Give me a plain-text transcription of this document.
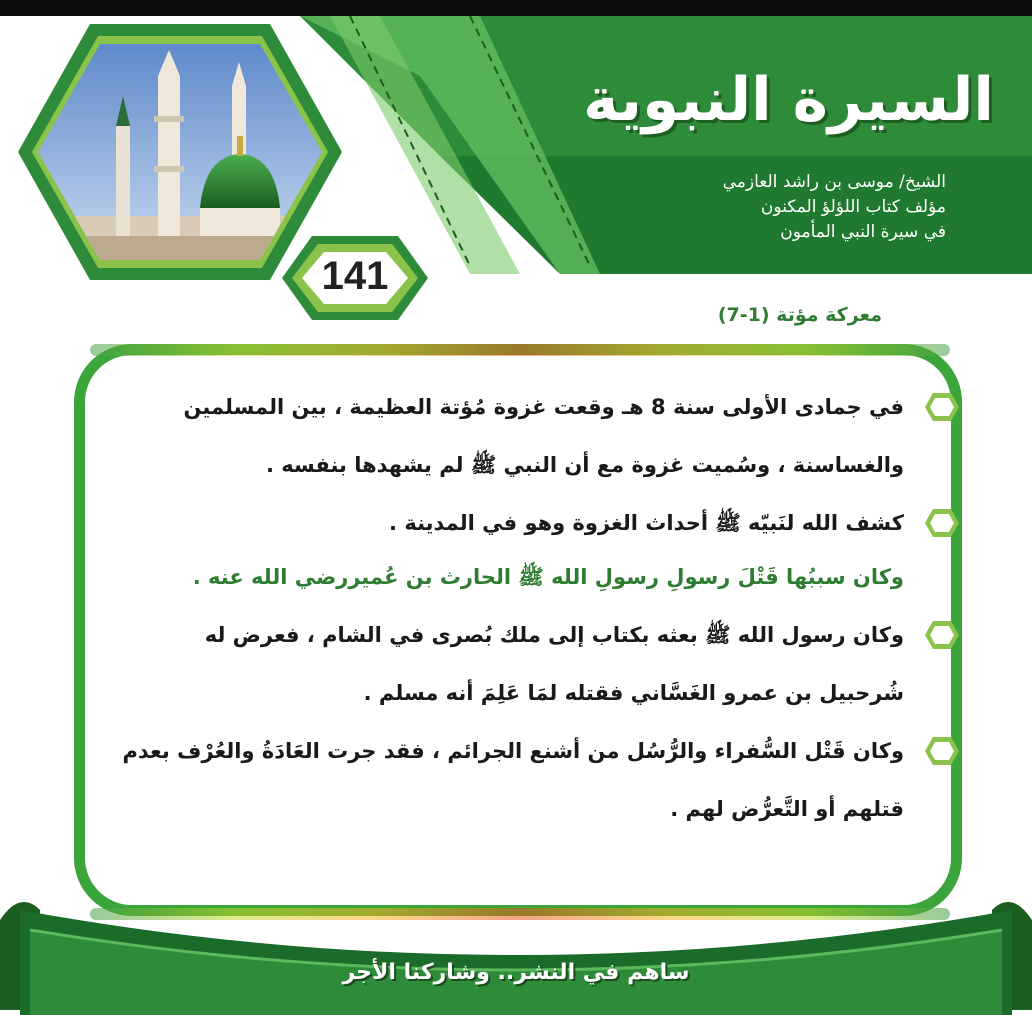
السيرة النبوية
الشيخ/ موسى بن راشد العازمي
مؤلف كتاب اللؤلؤ المكنون
في سيرة النبي المأمون
141
معركة مؤتة (1-7)
في جمادى الأولى سنة 8 هـ وقعت غزوة مُؤتة العظيمة ، بين المسلمين والغساسنة ، وسُميت غزوة مع أن النبي ﷺ لم يشهدها بنفسه .
كشف الله لنَبيّه ﷺ أحداث الغزوة وهو في المدينة .
وكان سببُها قَتْلَ رسولِ رسولِ الله ﷺ الحارث بن عُميررضي الله عنه .
وكان رسول الله ﷺ بعثه بكتاب إلى ملك بُصرى في الشام ، فعرض له شُرحبيل بن عمرو الغَسَّاني فقتله لمَا عَلِمَ أنه مسلم .
وكان قَتْل السُّفراء والرُّسُل من أشنع الجرائم ، فقد جرت العَادَةُ والعُرْف بعدم قتلهم أو التَّعرُّض لهم .
ساهم في النشر.. وشاركنا الأجر
